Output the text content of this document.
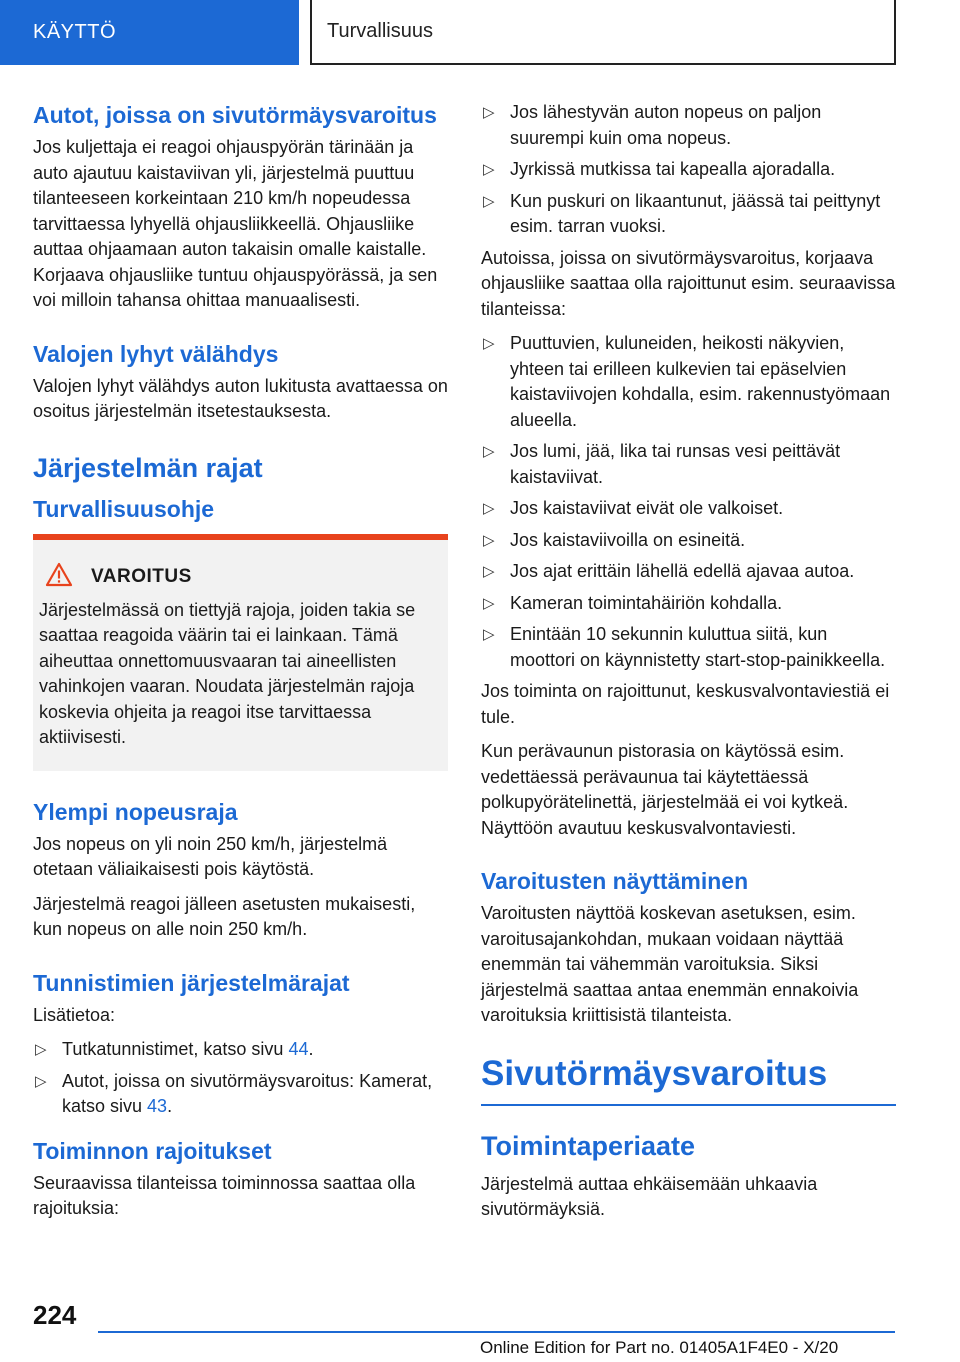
KÄYTTÖ	Turvallisuus
Autot, joissa on sivutörmäysvaroitus

Jos kuljettaja ei reagoi ohjauspyörän tärinään ja auto ajautuu kaistaviivan yli, järjestelmä puuttuu tilanteeseen korkeintaan 210 km/h nopeudessa tarvittaessa lyhyellä ohjausliikkeellä. Ohjausliike auttaa ohjaamaan auton takaisin omalle kaistalle. Korjaava ohjausliike tuntuu ohjauspyörässä, ja sen voi milloin tahansa ohittaa manuaalisesti.

Valojen lyhyt välähdys

Valojen lyhyt välähdys auton lukitusta avattaessa on osoitus järjestelmän itsetestauksesta.

Järjestelmän rajat
Turvallisuusohje
VAROITUS

Järjestelmässä on tiettyjä rajoja, joiden takia se saattaa reagoida väärin tai ei lainkaan. Tämä aiheuttaa onnettomuusvaaran tai aineellisten vahinkojen vaaran. Noudata järjestelmän rajoja koskevia ohjeita ja reagoi itse tarvittaessa aktiivisesti.

Ylempi nopeusraja

Jos nopeus on yli noin 250 km/h, järjestelmä otetaan väliaikaisesti pois käytöstä.

Järjestelmä reagoi jälleen asetusten mukaisesti, kun nopeus on alle noin 250 km/h.

Tunnistimien järjestelmärajat

Lisätietoa:

▷ Tutkatunnistimet, katso sivu 44.
▷ Autot, joissa on sivutörmäysvaroitus: Kamerat, katso sivu 43.
Toiminnon rajoitukset

Seuraavissa tilanteissa toiminnossa saattaa olla rajoituksia:

▷ Jos lähestyvän auton nopeus on paljon suurempi kuin oma nopeus.
▷ Jyrkissä mutkissa tai kapealla ajoradalla.
▷ Kun puskuri on likaantunut, jäässä tai peittynyt esim. tarran vuoksi.

Autoissa, joissa on sivutörmäysvaroitus, korjaava ohjausliike saattaa olla rajoittunut esim. seuraavissa tilanteissa:

▷ Puuttuvien, kuluneiden, heikosti näkyvien, yhteen tai erilleen kulkevien tai epäselvien kaistaviivojen kohdalla, esim. rakennustyömaan alueella.
▷ Jos lumi, jää, lika tai runsas vesi peittävät kaistaviivat.
▷ Jos kaistaviivat eivät ole valkoiset.
▷ Jos kaistaviivoilla on esineitä.
▷ Jos ajat erittäin lähellä edellä ajavaa autoa.
▷ Kameran toimintahäiriön kohdalla.
▷ Enintään 10 sekunnin kuluttua siitä, kun moottori on käynnistetty start-stop-painikkeella.

Jos toiminta on rajoittunut, keskusvalvontaviestiä ei tule.

Kun perävaunun pistorasia on käytössä esim. vedettäessä perävaunua tai käytettäessä polkupyörätelinettä, järjestelmää ei voi kytkeä. Näyttöön avautuu keskusvalvontaviesti.

Varoitusten näyttäminen

Varoitusten näyttöä koskevan asetuksen, esim. varoitusajankohdan, mukaan voidaan näyttää enemmän tai vähemmän varoituksia. Siksi järjestelmä saattaa antaa enemmän ennakoivia varoituksia kriittisistä tilanteista.

Sivutörmäysvaroitus
Toimintaperiaate

Järjestelmä auttaa ehkäisemään uhkaavia sivutörmäyksiä.

224
Online Edition for Part no. 01405A1F4E0 - X/20
